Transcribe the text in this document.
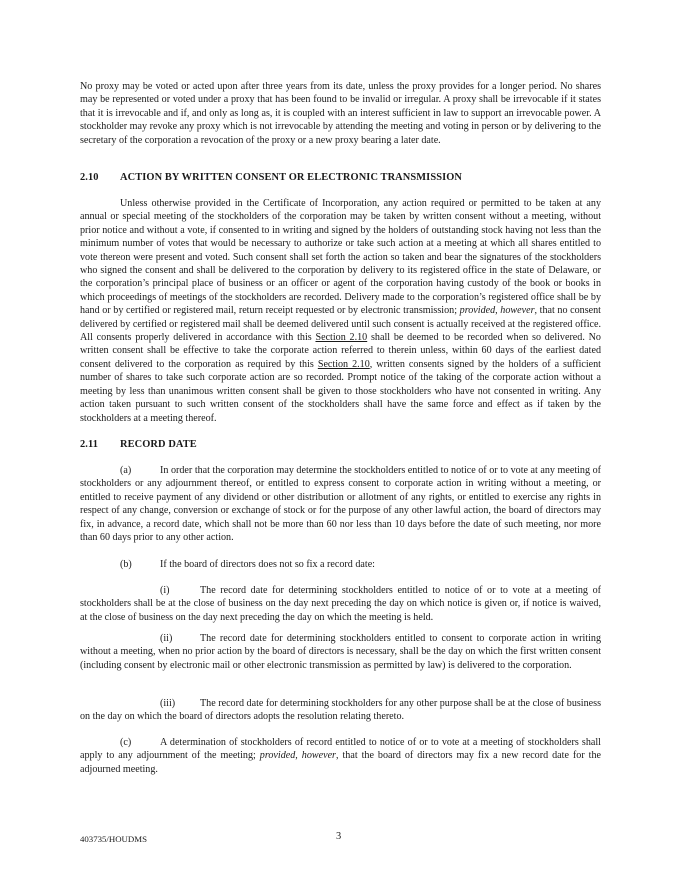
No proxy may be voted or acted upon after three years from its date, unless the proxy provides for a longer period. No shares may be represented or voted under a proxy that has been found to be invalid or irregular. A proxy shall be irrevocable if it states that it is irrevocable and if, and only as long as, it is coupled with an interest sufficient in law to support an irrevocable power. A stockholder may revoke any proxy which is not irrevocable by attending the meeting and voting in person or by delivering to the secretary of the corporation a revocation of the proxy or a new proxy bearing a later date.

2.10 ACTION BY WRITTEN CONSENT OR ELECTRONIC TRANSMISSION

Unless otherwise provided in the Certificate of Incorporation, any action required or permitted to be taken at any annual or special meeting of the stockholders of the corporation may be taken by written consent without a meeting, without prior notice and without a vote, if consented to in writing and signed by the holders of outstanding stock having not less than the minimum number of votes that would be necessary to authorize or take such action at a meeting at which all shares entitled to vote thereon were present and voted. Such consent shall set forth the action so taken and bear the signatures of the stockholders who signed the consent and shall be delivered to the corporation by delivery to its registered office in the state of Delaware, or the corporation’s principal place of business or an officer or agent of the corporation having custody of the book or books in which proceedings of meetings of the stockholders are recorded. Delivery made to the corporation’s registered office shall be by hand or by certified or registered mail, return receipt requested or by electronic transmission; provided, however, that no consent delivered by certified or registered mail shall be deemed delivered until such consent is actually received at the registered office. All consents properly delivered in accordance with this Section 2.10 shall be deemed to be recorded when so delivered. No written consent shall be effective to take the corporate action referred to therein unless, within 60 days of the earliest dated consent delivered to the corporation as required by this Section 2.10, written consents signed by the holders of a sufficient number of shares to take such corporate action are so recorded. Prompt notice of the taking of the corporate action without a meeting by less than unanimous written consent shall be given to those stockholders who have not consented in writing. Any action taken pursuant to such written consent of the stockholders shall have the same force and effect as if taken by the stockholders at a meeting thereof.

2.11 RECORD DATE

(a)	In order that the corporation may determine the stockholders entitled to notice of or to vote at any meeting of stockholders or any adjournment thereof, or entitled to express consent to corporate action in writing without a meeting, or entitled to receive payment of any dividend or other distribution or allotment of any rights, or entitled to exercise any rights in respect of any change, conversion or exchange of stock or for the purpose of any other lawful action, the board of directors may fix, in advance, a record date, which shall not be more than 60 nor less than 10 days before the date of such meeting, nor more than 60 days prior to any other action.

(b)	If the board of directors does not so fix a record date:

(i)	The record date for determining stockholders entitled to notice of or to vote at a meeting of stockholders shall be at the close of business on the day next preceding the day on which notice is given or, if notice is waived, at the close of business on the day next preceding the day on which the meeting is held.

(ii)	The record date for determining stockholders entitled to consent to corporate action in writing without a meeting, when no prior action by the board of directors is necessary, shall be the day on which the first written consent (including consent by electronic mail or other electronic transmission as permitted by law) is delivered to the corporation.

(iii) The record date for determining stockholders for any other purpose shall be at the close of business on the day on which the board of directors adopts the resolution relating thereto.

(c)	A determination of stockholders of record entitled to notice of or to vote at a meeting of stockholders shall apply to any adjournment of the meeting; provided, however, that the board of directors may fix a new record date for the adjourned meeting.

403735/HOUDMS	3
